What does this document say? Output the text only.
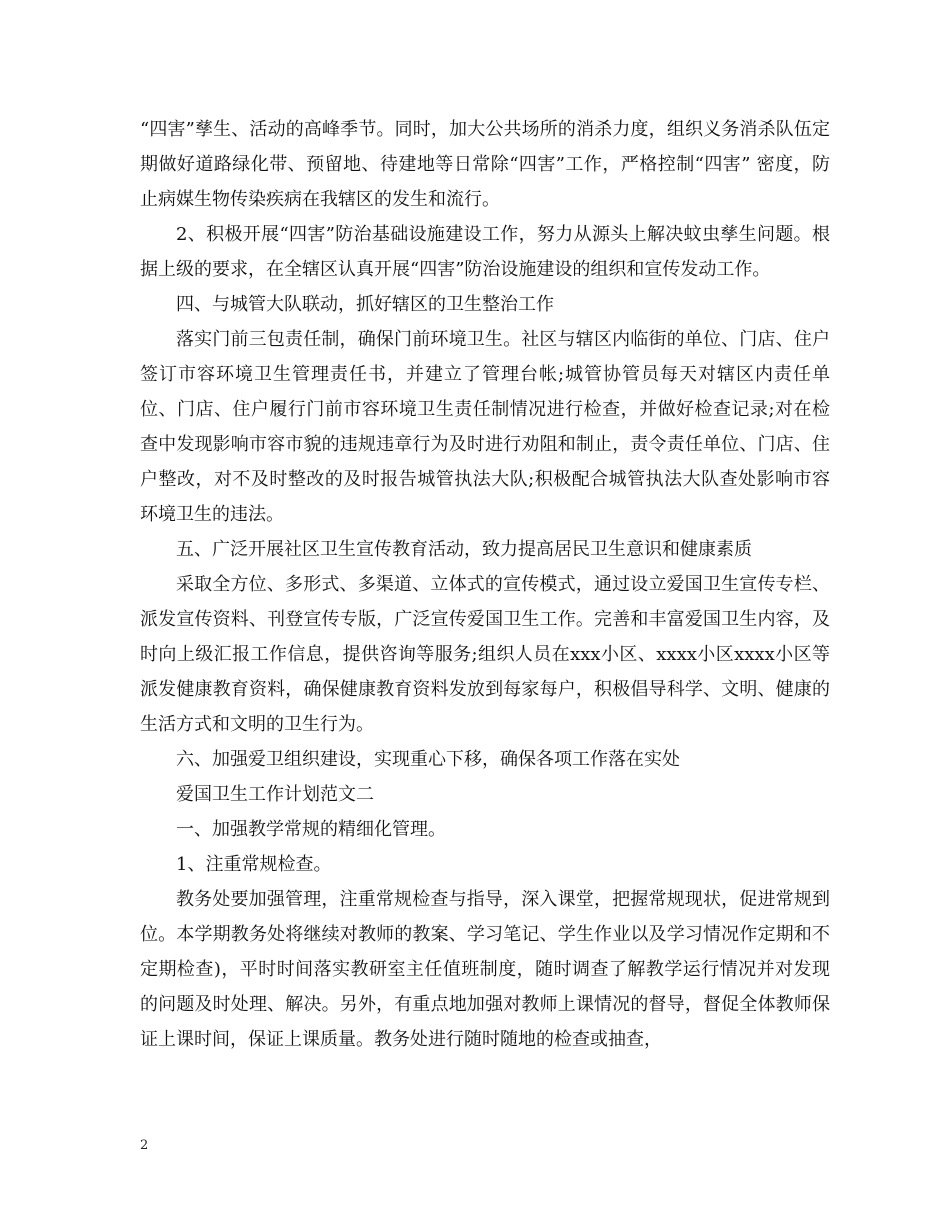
“四害”孳生、活动的高峰季节。同时，加大公共场所的消杀力度，组织义务消杀队伍定期做好道路绿化带、预留地、待建地等日常除“四害”工作，严格控制“四害” 密度，防止病媒生物传染疾病在我辖区的发生和流行。

2、积极开展“四害”防治基础设施建设工作，努力从源头上解决蚊虫孳生问题。根据上级的要求，在全辖区认真开展“四害”防治设施建设的组织和宣传发动工作。

四、与城管大队联动，抓好辖区的卫生整治工作

落实门前三包责任制，确保门前环境卫生。社区与辖区内临街的单位、门店、住户签订市容环境卫生管理责任书，并建立了管理台帐;城管协管员每天对辖区内责任单位、门店、住户履行门前市容环境卫生责任制情况进行检查，并做好检查记录;对在检查中发现影响市容市貌的违规违章行为及时进行劝阻和制止，责令责任单位、门店、住户整改，对不及时整改的及时报告城管执法大队;积极配合城管执法大队查处影响市容环境卫生的违法。

五、广泛开展社区卫生宣传教育活动，致力提高居民卫生意识和健康素质

采取全方位、多形式、多渠道、立体式的宣传模式，通过设立爱国卫生宣传专栏、派发宣传资料、刊登宣传专版，广泛宣传爱国卫生工作。完善和丰富爱国卫生内容，及时向上级汇报工作信息，提供咨询等服务;组织人员在xxx小区、xxxx小区xxxx小区等派发健康教育资料，确保健康教育资料发放到每家每户，积极倡导科学、文明、健康的生活方式和文明的卫生行为。

六、加强爱卫组织建设，实现重心下移，确保各项工作落在实处

爱国卫生工作计划范文二

一、加强教学常规的精细化管理。

1、注重常规检查。

教务处要加强管理，注重常规检查与指导，深入课堂，把握常规现状，促进常规到位。本学期教务处将继续对教师的教案、学习笔记、学生作业以及学习情况作定期和不定期检查)，平时时间落实教研室主任值班制度，随时调查了解教学运行情况并对发现的问题及时处理、解决。另外，有重点地加强对教师上课情况的督导，督促全体教师保证上课时间，保证上课质量。教务处进行随时随地的检查或抽查，

2
